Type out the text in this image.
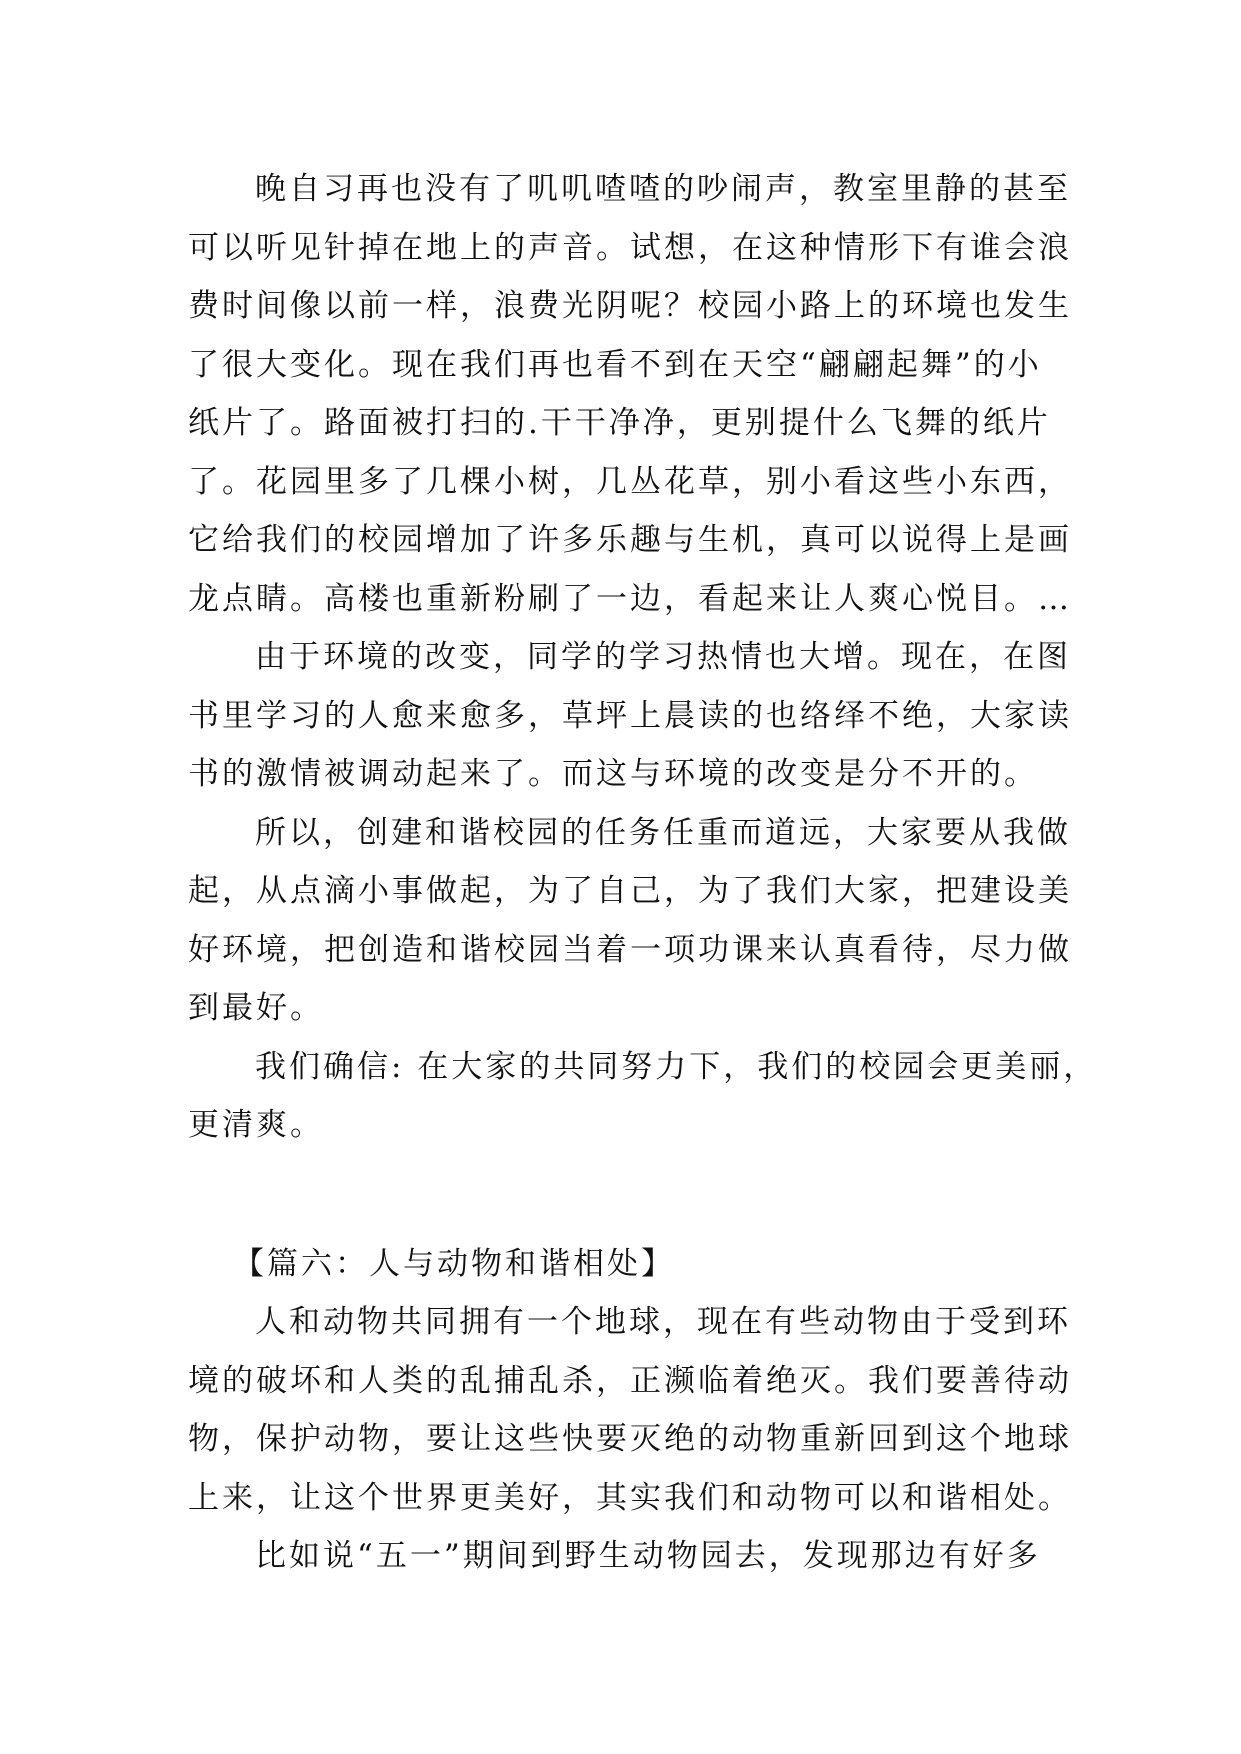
晚自习再也没有了叽叽喳喳的吵闹声，教室里静的甚至
可以听见针掉在地上的声音。试想，在这种情形下有谁会浪
费时间像以前一样，浪费光阴呢？校园小路上的环境也发生
了很大变化。现在我们再也看不到在天空“翩翩起舞”的小
纸片了。路面被打扫的.干干净净，更别提什么飞舞的纸片
了。花园里多了几棵小树，几丛花草，别小看这些小东西，
它给我们的校园增加了许多乐趣与生机，真可以说得上是画
龙点睛。高楼也重新粉刷了一边，看起来让人爽心悦目。…
由于环境的改变，同学的学习热情也大增。现在，在图
书里学习的人愈来愈多，草坪上晨读的也络绎不绝，大家读
书的激情被调动起来了。而这与环境的改变是分不开的。
所以，创建和谐校园的任务任重而道远，大家要从我做
起，从点滴小事做起，为了自己，为了我们大家，把建设美
好环境，把创造和谐校园当着一项功课来认真看待，尽力做
到最好。
我们确信: 在大家的共同努力下，我们的校园会更美丽，
更清爽。
【篇六：人与动物和谐相处】
人和动物共同拥有一个地球，现在有些动物由于受到环
境的破坏和人类的乱捕乱杀，正濒临着绝灭。我们要善待动
物，保护动物，要让这些快要灭绝的动物重新回到这个地球
上来，让这个世界更美好，其实我们和动物可以和谐相处。
比如说“五一”期间到野生动物园去，发现那边有好多
